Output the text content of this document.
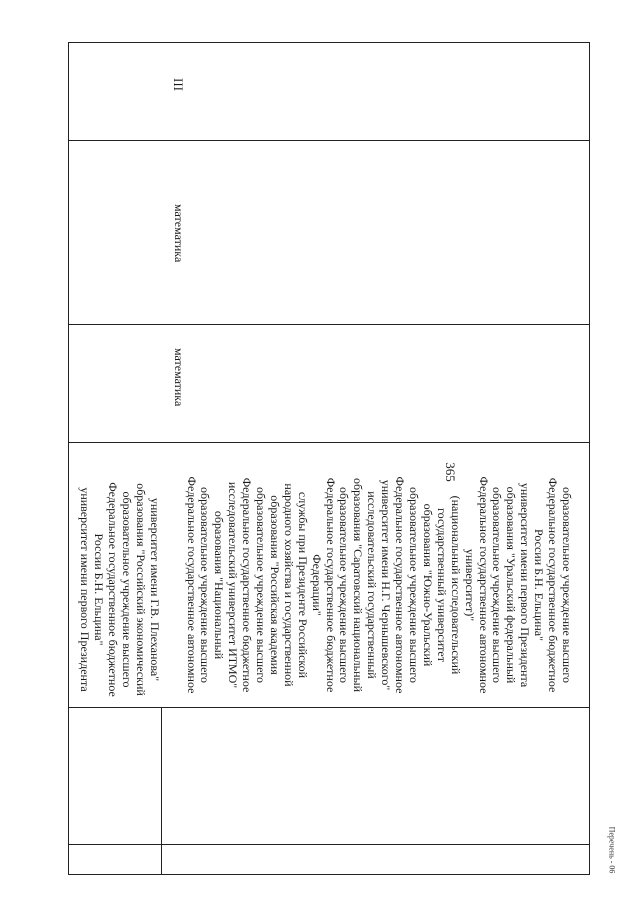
365
III
математика
математика
университет имени Г.В. Плеханова"
образования "Российский экономический
образовательное учреждение высшего
Федеральное государственное бюджетное
России Б.Н. Ельцина"
университет имени первого Президента	образовательное учреждение высшего
Федеральное государственное бюджетное
России Б.Н. Ельцина"
университет имени первого Президента
образования "Уральский федеральный
образовательное учреждение высшего
Федеральное государственное автономное
университет)"
(национальный исследовательский
государственный университет
образования "Южно-Уральский
образовательное учреждение высшего
Федеральное государственное автономное
университет имени Н.Г. Чернышевского"
исследовательский государственный
образования "Саратовский национальный
образовательное учреждение высшего
Федеральное государственное бюджетное
Федерации"
службы при Президенте Российской
народного хозяйства и государственной
образования "Российская академия
образовательное учреждение высшего
Федеральное государственное бюджетное
исследовательский университет ИТМО"
образования "Национальный
образовательное учреждение высшего
Федеральное государственное автономное
Перечень - 06
